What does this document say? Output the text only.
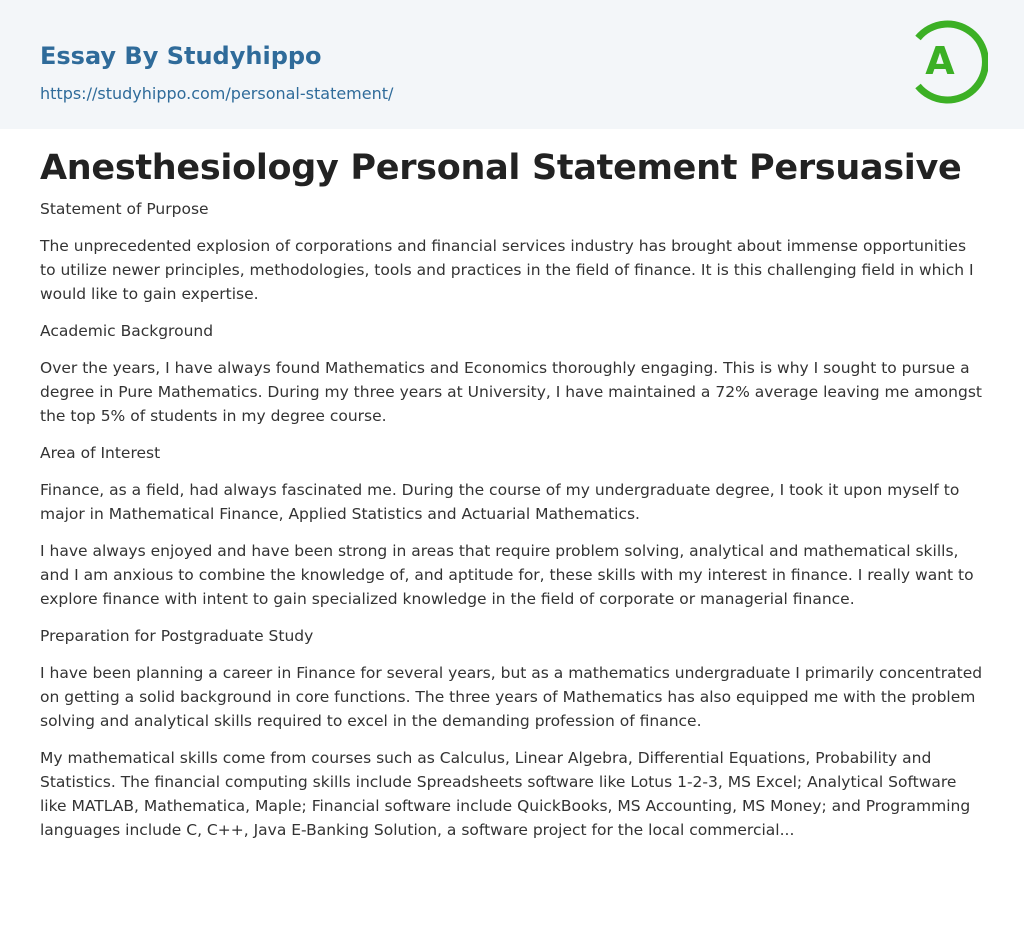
Essay By Studyhippo
https://studyhippo.com/personal-statement/
A
Anesthesiology Personal Statement Persuasive
Statement of Purpose

The unprecedented explosion of corporations and financial services industry has brought about immense opportunities to utilize newer principles, methodologies, tools and practices in the field of finance. It is this challenging field in which I would like to gain expertise.

Academic Background

Over the years, I have always found Mathematics and Economics thoroughly engaging. This is why I sought to pursue a degree in Pure Mathematics. During my three years at University, I have maintained a 72% average leaving me amongst the top 5% of students in my degree course.

Area of Interest

Finance, as a field, had always fascinated me. During the course of my undergraduate degree, I took it upon myself to major in Mathematical Finance, Applied Statistics and Actuarial Mathematics.

I have always enjoyed and have been strong in areas that require problem solving, analytical and mathematical skills, and I am anxious to combine the knowledge of, and aptitude for, these skills with my interest in finance. I really want to explore finance with intent to gain specialized knowledge in the field of corporate or managerial finance.

Preparation for Postgraduate Study

I have been planning a career in Finance for several years, but as a mathematics undergraduate I primarily concentrated on getting a solid background in core functions. The three years of Mathematics has also equipped me with the problem solving and analytical skills required to excel in the demanding profession of finance.

My mathematical skills come from courses such as Calculus, Linear Algebra, Differential Equations, Probability and Statistics. The financial computing skills include Spreadsheets software like Lotus 1-2-3, MS Excel; Analytical Software like MATLAB, Mathematica, Maple; Financial software include QuickBooks, MS Accounting, MS Money; and Programming languages include C, C++, Java E-Banking Solution, a software project for the local commercial...
